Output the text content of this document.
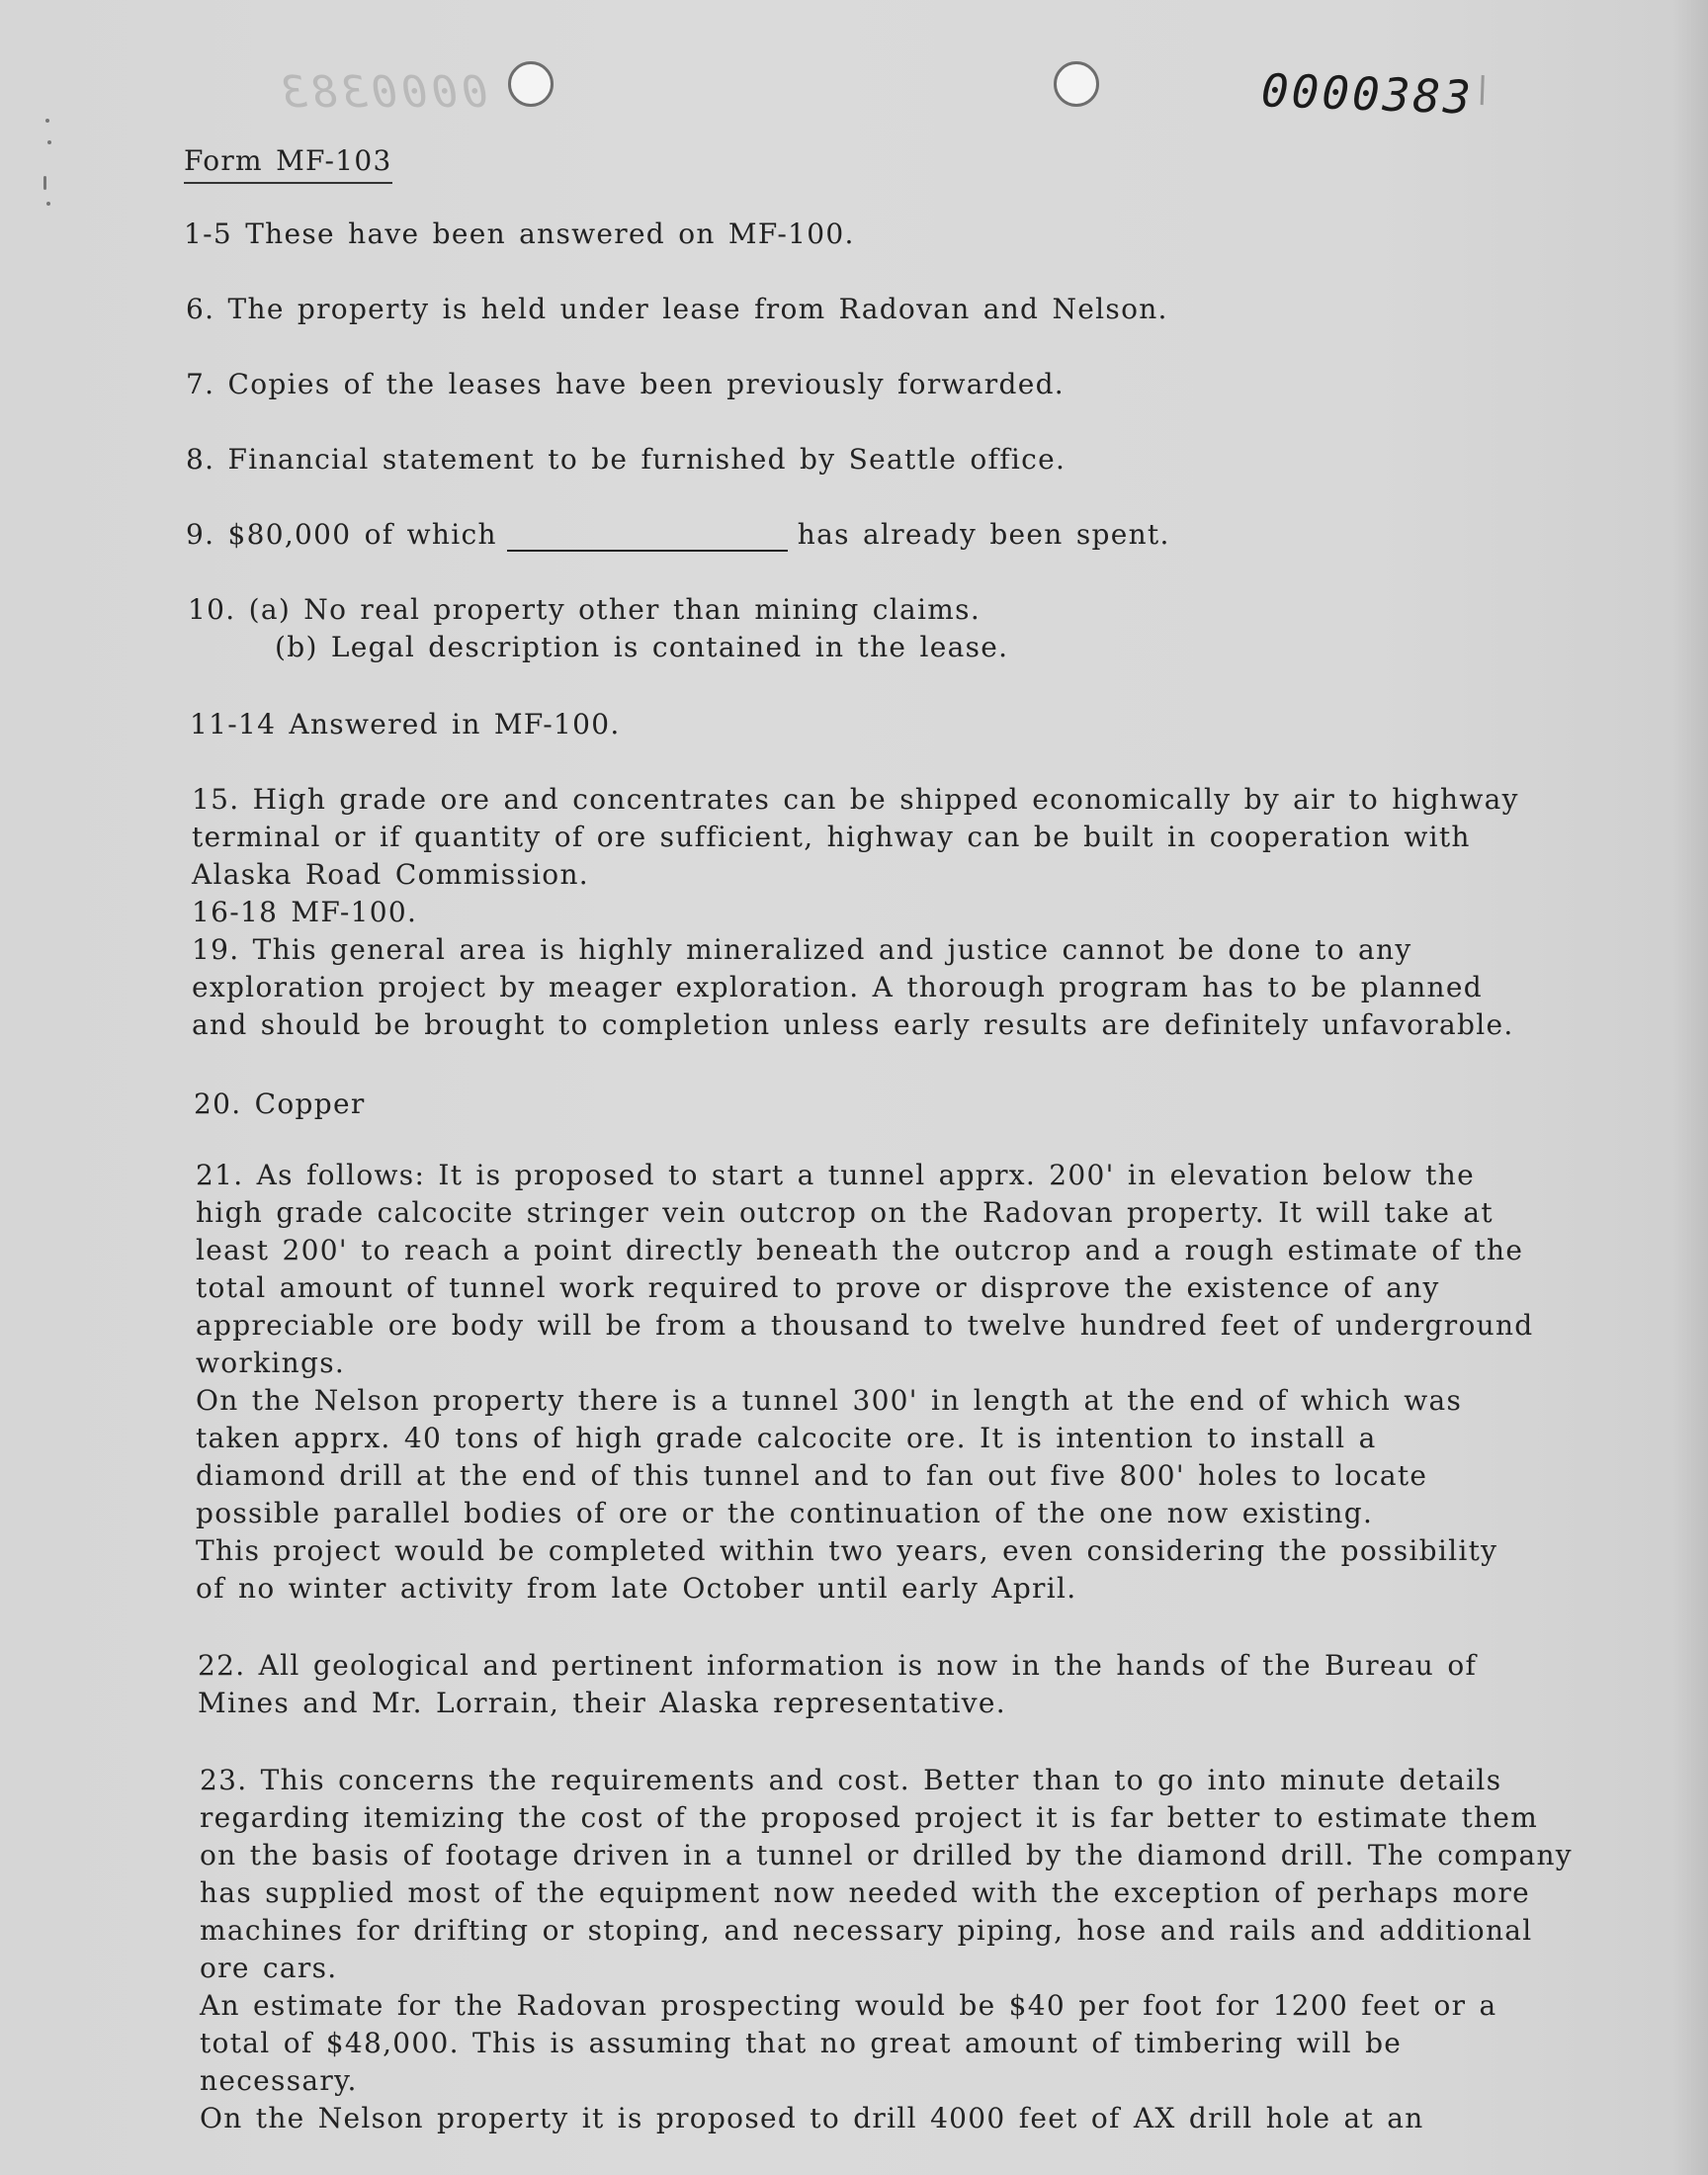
0000383	0000383
Form MF-103
1-5 These have been answered on MF-100.
6. The property is held under lease from Radovan and Nelson.
7. Copies of the leases have been previously forwarded.
8. Financial statement to be furnished by Seattle office.
9. $80,000 of which	has already been spent.
10. (a) No real property other than mining claims.
(b) Legal description is contained in the lease.
11-14 Answered in MF-100.
15. High grade ore and concentrates can be shipped economically by air to highway
terminal or if quantity of ore sufficient, highway can be built in cooperation with
Alaska Road Commission.
16-18 MF-100.
19. This general area is highly mineralized and justice cannot be done to any
exploration project by meager exploration. A thorough program has to be planned
and should be brought to completion unless early results are definitely unfavorable.
20. Copper
21. As follows: It is proposed to start a tunnel apprx. 200' in elevation below the
high grade calcocite stringer vein outcrop on the Radovan property. It will take at
least 200' to reach a point directly beneath the outcrop and a rough estimate of the
total amount of tunnel work required to prove or disprove the existence of any
appreciable ore body will be from a thousand to twelve hundred feet of underground
workings.
On the Nelson property there is a tunnel 300' in length at the end of which was
taken apprx. 40 tons of high grade calcocite ore. It is intention to install a
diamond drill at the end of this tunnel and to fan out five 800' holes to locate
possible parallel bodies of ore or the continuation of the one now existing.
This project would be completed within two years, even considering the possibility
of no winter activity from late October until early April.
22. All geological and pertinent information is now in the hands of the Bureau of
Mines and Mr. Lorrain, their Alaska representative.
23. This concerns the requirements and cost. Better than to go into minute details
regarding itemizing the cost of the proposed project it is far better to estimate them
on the basis of footage driven in a tunnel or drilled by the diamond drill. The company
has supplied most of the equipment now needed with the exception of perhaps more
machines for drifting or stoping, and necessary piping, hose and rails and additional
ore cars.
An estimate for the Radovan prospecting would be $40 per foot for 1200 feet or a
total of $48,000. This is assuming that no great amount of timbering will be
necessary.
On the Nelson property it is proposed to drill 4000 feet of AX drill hole at an
